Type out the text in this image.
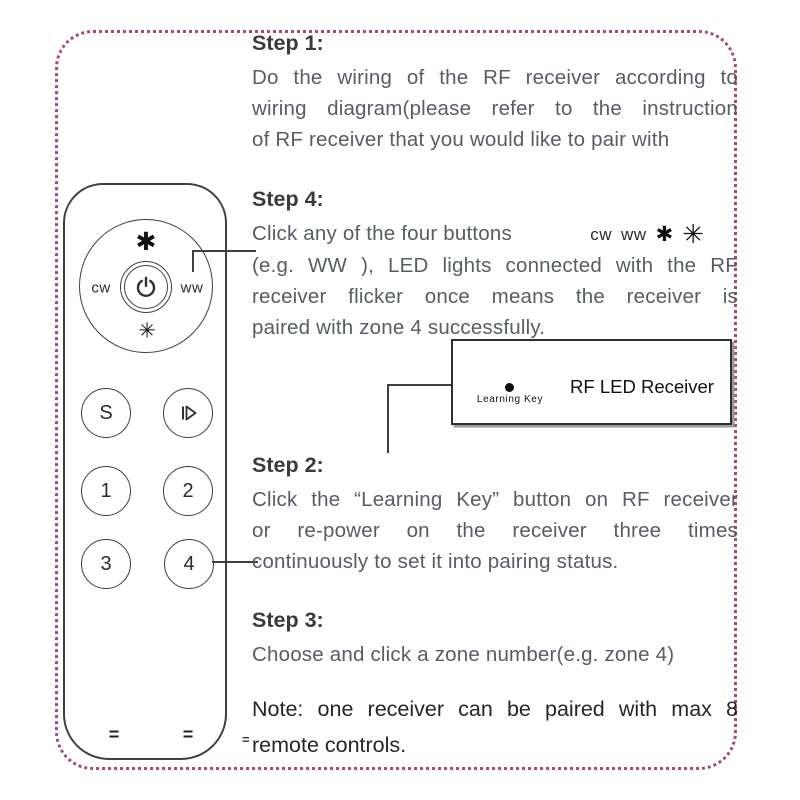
✱
✳
cw	ww
S
1	2
3	4
=	=
Learning Key
RF LED Receiver
Step 1:
Do the wiring of the RF receiver according to
wiring diagram(please refer to the instruction
of RF receiver that you would like to pair with
Step 4:
Click any of the four buttons	cw ww ✱ ✳
(e.g. WW ), LED lights connected with the RF
receiver flicker once means the receiver is
paired with zone 4 successfully.
Step 2:
Click the “Learning Key” button on RF receiver
or re-power on the receiver three times
continuously to set it into pairing status.
Step 3:
Choose and click a zone number(e.g. zone 4)
Note: one receiver can be paired with max 8
remote controls.
=
